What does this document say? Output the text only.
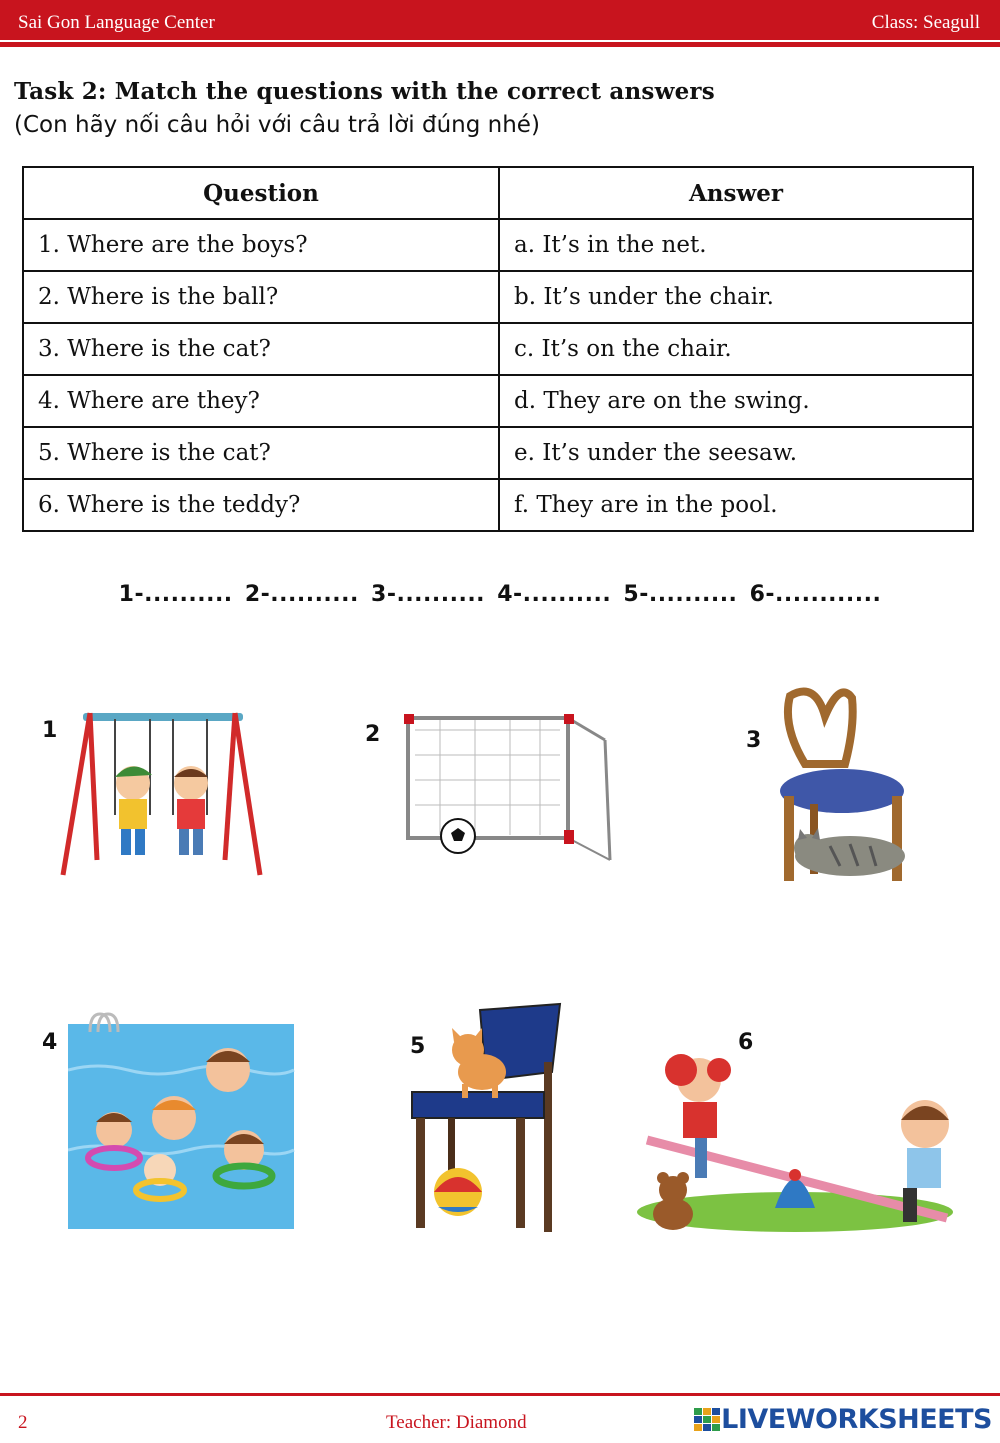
Sai Gon Language Center	Class: Seagull
Task 2: Match the questions with the correct answers
(Con hãy nối câu hỏi với câu trả lời đúng nhé)
Question	Answer
1. Where are the boys?	a. It’s in the net.
2. Where is the ball?	b. It’s under the chair.
3. Where is the cat?	c. It’s on the chair.
4. Where are they?	d. They are on the swing.
5. Where is the cat?	e. It’s under the seesaw.
6. Where is the teddy?	f. They are in the pool.
1-.......... 2-.......... 3-.......... 4-.......... 5-.......... 6-............
1	2	3
4	5	6
2	Teacher: Diamond	LIVEWORKSHEETS
